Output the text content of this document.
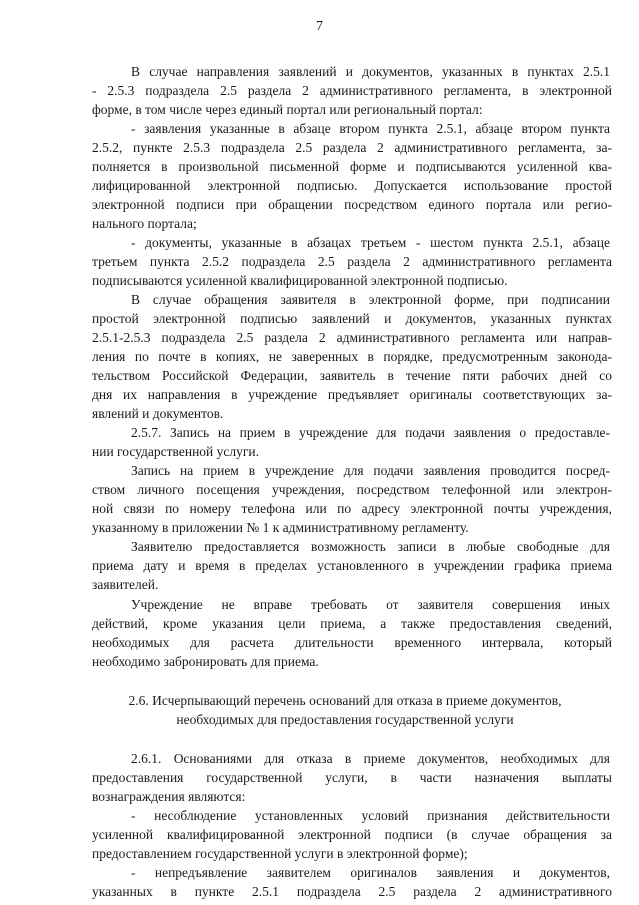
7
В случае направления заявлений и документов, указанных в пунктах 2.5.1
- 2.5.3 подраздела 2.5 раздела 2 административного регламента, в электронной
форме, в том числе через единый портал или региональный портал:
- заявления указанные в абзаце втором пункта 2.5.1, абзаце втором пункта
2.5.2, пункте 2.5.3 подраздела 2.5 раздела 2 административного регламента, за-
полняется в произвольной письменной форме и подписываются усиленной ква-
лифицированной электронной подписью. Допускается использование простой
электронной подписи при обращении посредством единого портала или регио-
нального портала;
- документы, указанные в абзацах третьем - шестом пункта 2.5.1, абзаце
третьем пункта 2.5.2 подраздела 2.5 раздела 2 административного регламента
подписываются усиленной квалифицированной электронной подписью.
В случае обращения заявителя в электронной форме, при подписании
простой электронной подписью заявлений и документов, указанных пунктах
2.5.1-2.5.3 подраздела 2.5 раздела 2 административного регламента или направ-
ления по почте в копиях, не заверенных в порядке, предусмотренным законода-
тельством Российской Федерации, заявитель в течение пяти рабочих дней со
дня их направления в учреждение предъявляет оригиналы соответствующих за-
явлений и документов.
2.5.7. Запись на прием в учреждение для подачи заявления о предоставле-
нии государственной услуги.
Запись на прием в учреждение для подачи заявления проводится посред-
ством личного посещения учреждения, посредством телефонной или электрон-
ной связи по номеру телефона или по адресу электронной почты учреждения,
указанному в приложении № 1 к административному регламенту.
Заявителю предоставляется возможность записи в любые свободные для
приема дату и время в пределах установленного в учреждении графика приема
заявителей.
Учреждение не вправе требовать от заявителя совершения иных
действий, кроме указания цели приема, а также предоставления сведений,
необходимых для расчета длительности временного интервала, который
необходимо забронировать для приема.
2.6. Исчерпывающий перечень оснований для отказа в приеме документов,
необходимых для предоставления государственной услуги
2.6.1. Основаниями для отказа в приеме документов, необходимых для
предоставления государственной услуги, в части назначения выплаты
вознаграждения являются:
- несоблюдение установленных условий признания действительности
усиленной квалифицированной электронной подписи (в случае обращения за
предоставлением государственной услуги в электронной форме);
- непредъявление заявителем оригиналов заявления и документов,
указанных в пункте 2.5.1 подраздела 2.5 раздела 2 административного
